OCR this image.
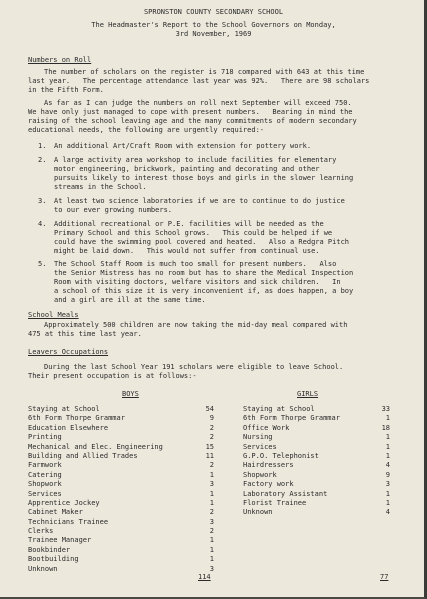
SPRONSTON COUNTY SECONDARY SCHOOL
The Headmaster's Report to the School Governors on Monday,
3rd November, 1969
Numbers on Roll
The number of scholars on the register is 718 compared with 643 at this time
last year.   The percentage attendance last year was 92%.   There are 98 scholars
in the Fifth Form.
As far as I can judge the numbers on roll next September will exceed 750.
We have only just managed to cope with present numbers.   Bearing in mind the
raising of the school leaving age and the many commitments of modern secondary
educational needs, the following are urgently required:-
1. An additional Art/Craft Room with extension for pottery work.
2. A large activity area workshop to include facilities for elementary
motor engineering, brickwork, painting and decorating and other
pursuits likely to interest those boys and girls in the slower learning
streams in the School.
3. At least two science laboratories if we are to continue to do justice
to our ever growing numbers.
4. Additional recreational or P.E. facilities will be needed as the
Primary School and this School grows.   This could be helped if we
could have the swimming pool covered and heated.   Also a Redgra Pitch
might be laid down.   This would not suffer from continual use.
5. The School Staff Room is much too small for present numbers.   Also
the Senior Mistress has no room but has to share the Medical Inspection
Room with visiting doctors, welfare visitors and sick children.   In
a school of this size it is very inconvenient if, as does happen, a boy
and a girl are ill at the same time.
School Meals
Approximately 500 children are now taking the mid-day meal compared with
475 at this time last year.
Leavers Occupations
During the last School Year 191 scholars were eligible to leave School.
Their present occupation is at follows:-
BOYS	GIRLS
Staying at School
6th Form Thorpe Grammar
Education Elsewhere
Printing
Mechanical and Elec. Engineering
Building and Allied Trades
Farmwork
Catering
Shopwork
Services
Apprentice Jockey
Cabinet Maker
Technicians Trainee
Clerks
Trainee Manager
Bookbinder
Bootbuilding
Unknown
54
9
2
2
15
11
2
1
3
1
1
2
3
2
1
1
1
3
114
Staying at School
6th Form Thorpe Grammar
Office Work
Nursing
Services
G.P.O. Telephonist
Hairdressers
Shopwork
Factory work
Laboratory Assistant
Florist Trainee
Unknown
33
1
18
1
1
1
4
9
3
1
1
4
77
